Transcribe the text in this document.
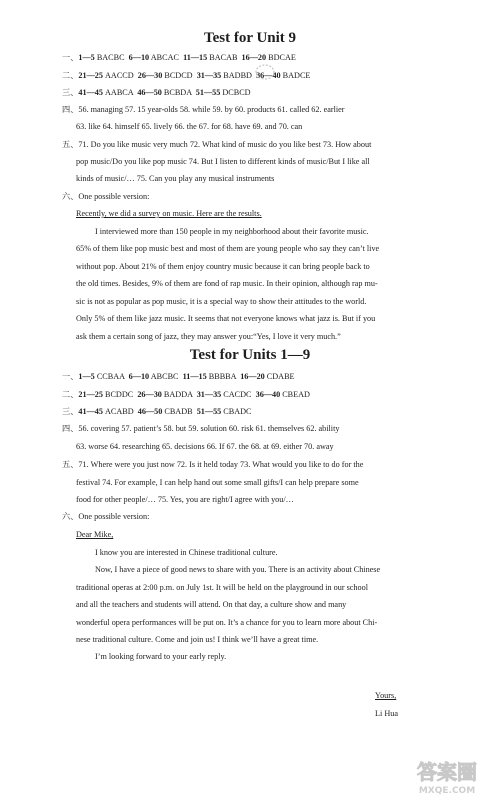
Test for Unit 9
一、1—5 BACBC 6—10 ABCAC 11—15 BACAB 16—20 BDCAE
二、21—25 AACCD 26—30 BCDCD 31—35 BADBD 36—40 BADCE
三、41—45 AABCA 46—50 BCBDA 51—55 DCBCD
四、56. managing 57. 15 year-olds 58. while 59. by 60. products 61. called 62. earlier
63. like 64. himself 65. lively 66. the 67. for 68. have 69. and 70. can
五、71. Do you like music very much 72. What kind of music do you like best 73. How about
pop music/Do you like pop music 74. But I listen to different kinds of music/But I like all
kinds of music/… 75. Can you play any musical instruments
六、One possible version:
Recently, we did a survey on music. Here are the results.
I interviewed more than 150 people in my neighborhood about their favorite music.
65% of them like pop music best and most of them are young people who say they can’t live
without pop. About 21% of them enjoy country music because it can bring people back to
the old times. Besides, 9% of them are fond of rap music. In their opinion, although rap mu-
sic is not as popular as pop music, it is a special way to show their attitudes to the world.
Only 5% of them like jazz music. It seems that not everyone knows what jazz is. But if you
ask them a certain song of jazz, they may answer you:“Yes, I love it very much.”
Test for Units 1—9
一、1—5 CCBAA 6—10 ABCBC 11—15 BBBBA 16—20 CDABE
二、21—25 BCDDC 26—30 BADDA 31—35 CACDC 36—40 CBEAD
三、41—45 ACABD 46—50 CBADB 51—55 CBADC
四、56. covering 57. patient’s 58. but 59. solution 60. risk 61. themselves 62. ability
63. worse 64. researching 65. decisions 66. If 67. the 68. at 69. either 70. away
五、71. Where were you just now 72. Is it held today 73. What would you like to do for the
festival 74. For example, I can help hand out some small gifts/I can help prepare some
food for other people/… 75. Yes, you are right/I agree with you/…
六、One possible version:
Dear Mike,
I know you are interested in Chinese traditional culture.
Now, I have a piece of good news to share with you. There is an activity about Chinese
traditional operas at 2:00 p.m. on July 1st. It will be held on the playground in our school
and all the teachers and students will attend. On that day, a culture show and many
wonderful opera performances will be put on. It’s a chance for you to learn more about Chi-
nese traditional culture. Come and join us! I think we’ll have a great time.
I’m looking forward to your early reply.
Yours,
Li Hua
答案圈
MXQE.COM
